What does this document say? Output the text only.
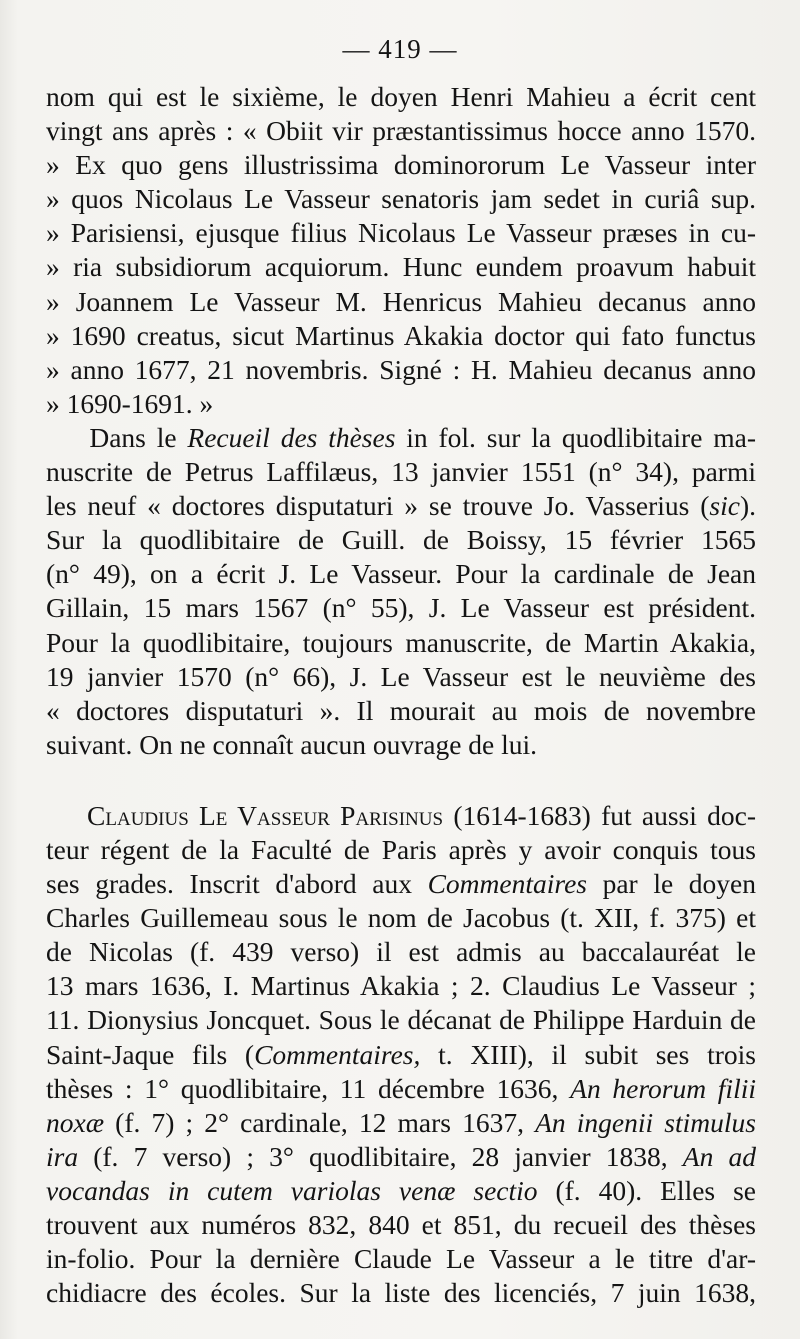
— 419 —
nom qui est le sixième, le doyen Henri Mahieu a écrit cent
vingt ans après : « Obiit vir præstantissimus hocce anno 1570.
» Ex quo gens illustrissima dominororum Le Vasseur inter
» quos Nicolaus Le Vasseur senatoris jam sedet in curiâ sup.
» Parisiensi, ejusque filius Nicolaus Le Vasseur præses in cu-
» ria subsidiorum acquiorum. Hunc eundem proavum habuit
» Joannem Le Vasseur M. Henricus Mahieu decanus anno
» 1690 creatus, sicut Martinus Akakia doctor qui fato functus
» anno 1677, 21 novembris. Signé : H. Mahieu decanus anno
» 1690-1691. »
Dans le Recueil des thèses in fol. sur la quodlibitaire ma-
nuscrite de Petrus Laffilæus, 13 janvier 1551 (n° 34), parmi
les neuf « doctores disputaturi » se trouve Jo. Vasserius (sic).
Sur la quodlibitaire de Guill. de Boissy, 15 février 1565
(n° 49), on a écrit J. Le Vasseur. Pour la cardinale de Jean
Gillain, 15 mars 1567 (n° 55), J. Le Vasseur est président.
Pour la quodlibitaire, toujours manuscrite, de Martin Akakia,
19 janvier 1570 (n° 66), J. Le Vasseur est le neuvième des
« doctores disputaturi ». Il mourait au mois de novembre
suivant. On ne connaît aucun ouvrage de lui.
Claudius Le Vasseur Parisinus (1614-1683) fut aussi doc-
teur régent de la Faculté de Paris après y avoir conquis tous
ses grades. Inscrit d'abord aux Commentaires par le doyen
Charles Guillemeau sous le nom de Jacobus (t. XII, f. 375) et
de Nicolas (f. 439 verso) il est admis au baccalauréat le
13 mars 1636, I. Martinus Akakia ; 2. Claudius Le Vasseur ;
11. Dionysius Joncquet. Sous le décanat de Philippe Harduin de
Saint-Jaque fils (Commentaires, t. XIII), il subit ses trois
thèses : 1° quodlibitaire, 11 décembre 1636, An herorum filii
noxæ (f. 7) ; 2° cardinale, 12 mars 1637, An ingenii stimulus
ira (f. 7 verso) ; 3° quodlibitaire, 28 janvier 1838, An ad
vocandas in cutem variolas venæ sectio (f. 40). Elles se
trouvent aux numéros 832, 840 et 851, du recueil des thèses
in-folio. Pour la dernière Claude Le Vasseur a le titre d'ar-
chidiacre des écoles. Sur la liste des licenciés, 7 juin 1638,
